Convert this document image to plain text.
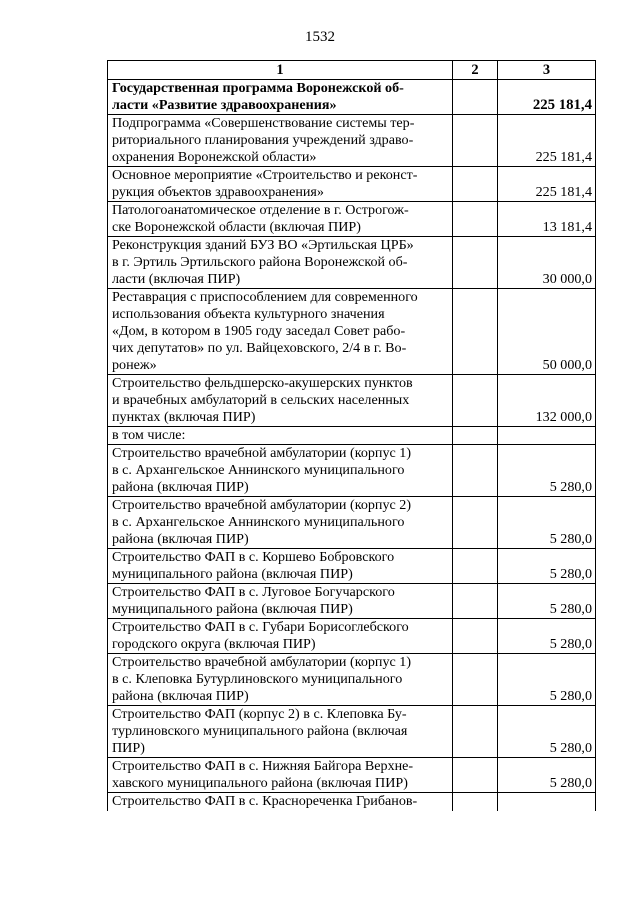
1532
1	2	3

Государственная программа Воронежской об-
ласти «Развитие здравоохранения»		225 181,4

Подпрограмма «Совершенствование системы тер-
риториального планирования учреждений здраво-
охранения Воронежской области»		225 181,4

Основное мероприятие «Строительство и реконст-
рукция объектов здравоохранения»		225 181,4

Патологоанатомическое отделение в г. Острогож-
ске Воронежской области (включая ПИР)		13 181,4

Реконструкция зданий БУЗ ВО «Эртильская ЦРБ»
в г. Эртиль Эртильского района Воронежской об-
ласти (включая ПИР)		30 000,0

Реставрация с приспособлением для современного
использования объекта культурного значения
«Дом, в котором в 1905 году заседал Совет рабо-
чих депутатов» по ул. Вайцеховского, 2/4 в г. Во-
ронеж»		50 000,0

Строительство фельдшерско-акушерских пунктов
и врачебных амбулаторий в сельских населенных
пунктах (включая ПИР)		132 000,0

в том числе:		

Строительство врачебной амбулатории (корпус 1)
в с. Архангельское Аннинского муниципального
района (включая ПИР)		5 280,0

Строительство врачебной амбулатории (корпус 2)
в с. Архангельское Аннинского муниципального
района (включая ПИР)		5 280,0

Строительство ФАП в с. Коршево Бобровского
муниципального района (включая ПИР)		5 280,0

Строительство ФАП в с. Луговое Богучарского
муниципального района (включая ПИР)		5 280,0

Строительство ФАП в с. Губари Борисоглебского
городского округа (включая ПИР)		5 280,0

Строительство врачебной амбулатории (корпус 1)
в с. Клеповка Бутурлиновского муниципального
района (включая ПИР)		5 280,0

Строительство ФАП (корпус 2) в с. Клеповка Бу-
турлиновского муниципального района (включая
ПИР)		5 280,0

Строительство ФАП в с. Нижняя Байгора Верхне-
хавского муниципального района (включая ПИР)		5 280,0

Строительство ФАП в с. Краснореченка Грибанов-		
